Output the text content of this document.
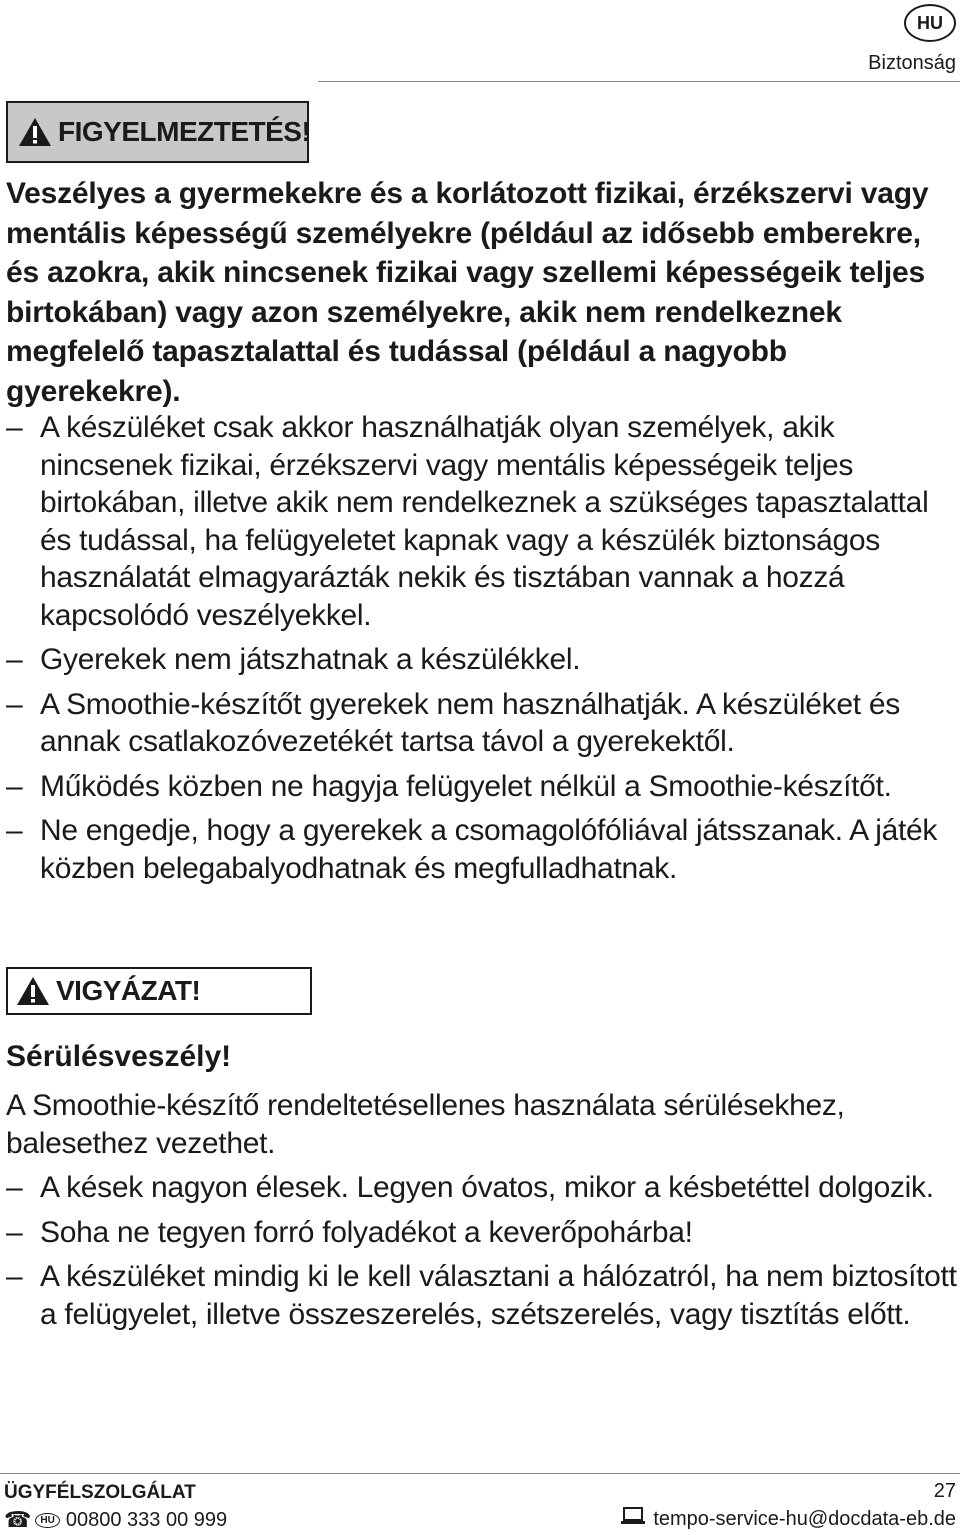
HU
Biztonság
FIGYELMEZTETÉS!

Veszélyes a gyermekekre és a korlátozott fizikai, érzékszervi vagy mentális képességű személyekre (például az idősebb emberekre, és azokra, akik nincsenek fizikai vagy szellemi képességeik teljes birtokában) vagy azon személyekre, akik nem rendelkeznek megfelelő tapasztalattal és tudással (például a nagyobb gyerekekre).

– A készüléket csak akkor használhatják olyan személyek, akik nincsenek fizikai, érzékszervi vagy mentális képességeik teljes birtokában, illetve akik nem rendelkeznek a szükséges tapasztalattal és tudással, ha felügyeletet kapnak vagy a készülék biztonságos használatát elmagyarázták nekik és tisztában vannak a hozzá kapcsolódó veszélyekkel.
– Gyerekek nem játszhatnak a készülékkel.
– A Smoothie-készítőt gyerekek nem használhatják. A készüléket és annak csatlakozóvezetékét tartsa távol a gyerekektől.
– Működés közben ne hagyja felügyelet nélkül a Smoothie-készítőt.
– Ne engedje, hogy a gyerekek a csomagolófóliával játsszanak. A játék közben belegabalyodhatnak és megfulladhatnak.
VIGYÁZAT!

Sérülésveszély!

A Smoothie-készítő rendeltetésellenes használata sérülésekhez, balesethez vezethet.

– A kések nagyon élesek. Legyen óvatos, mikor a késbetéttel dolgozik.
– Soha ne tegyen forró folyadékot a keverőpohárba!
– A készüléket mindig ki le kell választani a hálózatról, ha nem biztosított a felügyelet, illetve összeszerelés, szétszerelés, vagy tisztítás előtt.
ÜGYFÉLSZOLGÁLAT	27
☎ HU 00800 333 00 999	tempo-service-hu@docdata-eb.de
